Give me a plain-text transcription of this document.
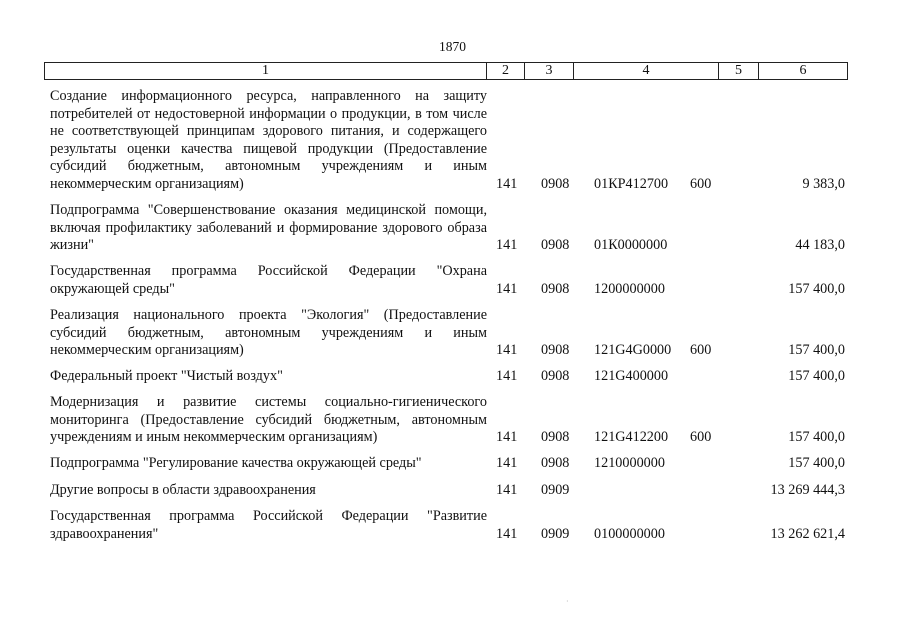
1870
1	2	3	4	5	6
Создание информационного ресурса, направленного на защиту потребителей от недостоверной информации о продукции, в том числе не соответствующей принципам здорового питания, и содержащего результаты оценки качества пищевой продукции (Предоставление субсидий бюджетным, автономным учреждениям и иным некоммерческим организациям)	141 0908 01КР412700 600	9 383,0
Подпрограмма "Совершенствование оказания медицинской помощи, включая профилактику заболеваний и формирование здорового образа жизни"	141 0908 01К0000000	44 183,0
Государственная программа Российской Федерации "Охрана окружающей среды"	141 0908 1200000000	157 400,0
Реализация национального проекта "Экология" (Предоставление субсидий бюджетным, автономным учреждениям и иным некоммерческим организациям)	141 0908 121G4G0000 600	157 400,0
Федеральный проект "Чистый воздух"	141 0908 121G400000	157 400,0
Модернизация и развитие системы социально-гигиенического мониторинга (Предоставление субсидий бюджетным, автономным учреждениям и иным некоммерческим организациям)	141 0908 121G412200 600	157 400,0
Подпрограмма "Регулирование качества окружающей среды"	141 0908 1210000000	157 400,0
Другие вопросы в области здравоохранения	141 0909	13 269 444,3
Государственная программа Российской Федерации "Развитие здравоохранения"	141 0909 0100000000	13 262 621,4
·
